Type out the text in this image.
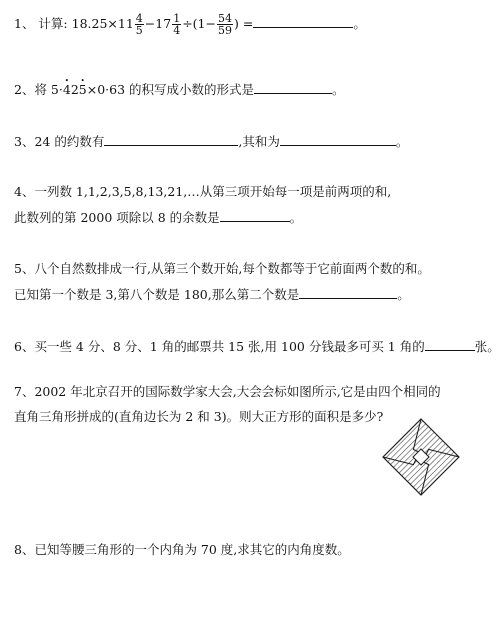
1、 计算: $18.25\times 11 \frac{4}{5} -17 \frac{1}{4} \div(1- \frac{54}{59}$ ) =	。
2、将 5·• 42• 5×0·63 的积写成小数的形式是	。
3、24 的约数有	,其和为	。
4、一列数 1,1,2,3,5,8,13,21,…从第三项开始每一项是前两项的和,
此数列的第 2000 项除以 8 的余数是	。
5、八个自然数排成一行,从第三个数开始,每个数都等于它前面两个数的和。
已知第一个数是 3,第八个数是 180,那么第二个数是	。
6、买一些 4 分、8 分、1 角的邮票共 15 张,用 100 分钱最多可买 1 角的	张。
7、2002 年北京召开的国际数学家大会,大会会标如图所示,它是由四个相同的
直角三角形拼成的(直角边长为 2 和 3)。则大正方形的面积是多少?
8、已知等腰三角形的一个内角为 70 度,求其它的内角度数。
